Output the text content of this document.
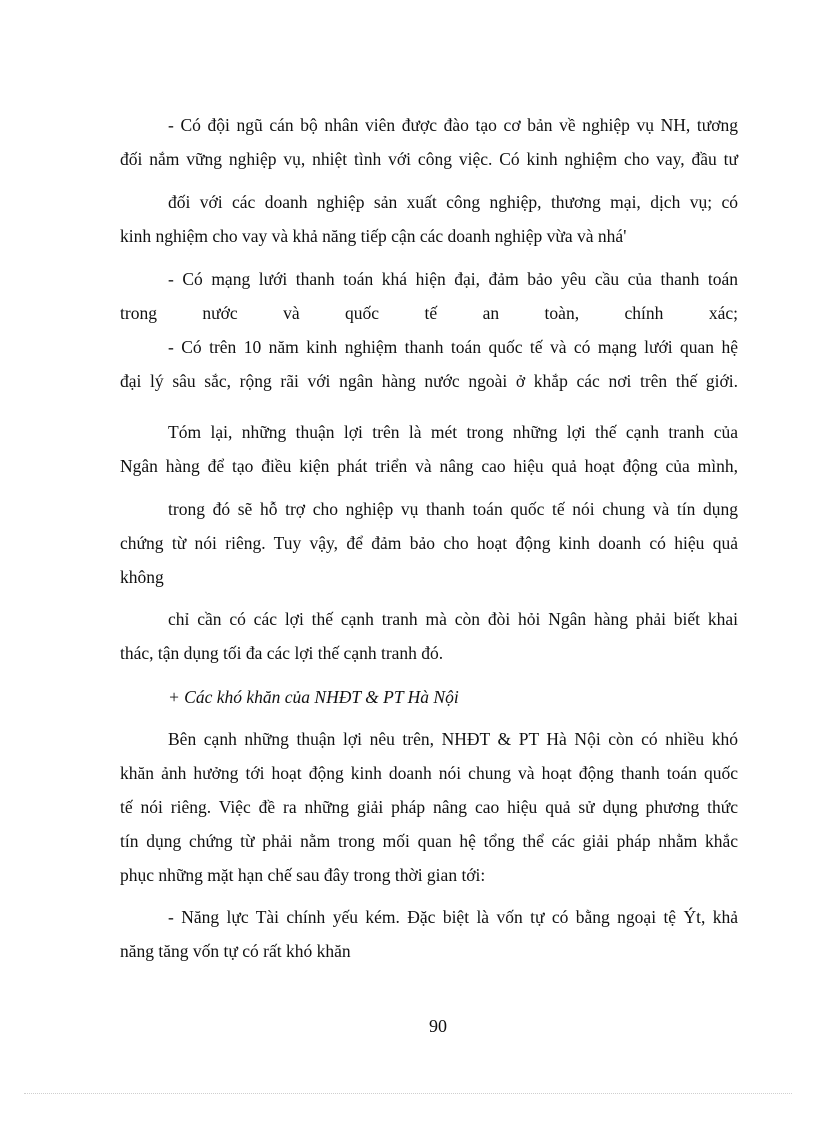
- Có đội ngũ cán bộ nhân viên được đào tạo cơ bản về nghiệp vụ NH, tương
đối nắm vững nghiệp vụ, nhiệt tình với công việc. Có kinh nghiệm cho vay, đầu tư
đối với các doanh nghiệp sản xuất công nghiệp, thương mại, dịch vụ; có
kinh nghiệm cho vay và khả năng tiếp cận các doanh nghiệp vừa và nhá'
- Có mạng lưới thanh toán khá hiện đại, đảm bảo yêu cầu của thanh toán
trong nước và quốc tế an toàn, chính xác;
- Có trên 10 năm kinh nghiệm thanh toán quốc tế và có mạng lưới quan hệ
đại lý sâu sắc, rộng rãi với ngân hàng nước ngoài ở khắp các nơi trên thế giới.
Tóm lại, những thuận lợi trên là mét trong những lợi thế cạnh tranh của
Ngân hàng để tạo điều kiện phát triển và nâng cao hiệu quả hoạt động của mình,
trong đó sẽ hỗ trợ cho nghiệp vụ thanh toán quốc tế nói chung và tín dụng
chứng từ nói riêng. Tuy vậy, để đảm bảo cho hoạt động kinh doanh có hiệu quả
không
chỉ cần có các lợi thế cạnh tranh mà còn đòi hỏi Ngân hàng phải biết khai
thác, tận dụng tối đa các lợi thế cạnh tranh đó.
+ Các khó khăn của NHĐT & PT Hà Nội
Bên cạnh những thuận lợi nêu trên, NHĐT & PT Hà Nội còn có nhiều khó
khăn ảnh hưởng tới hoạt động kinh doanh nói chung và hoạt động thanh toán quốc
tế nói riêng. Việc đề ra những giải pháp nâng cao hiệu quả sử dụng phương thức
tín dụng chứng từ phải nằm trong mối quan hệ tổng thể các giải pháp nhằm khắc
phục những mặt hạn chế sau đây trong thời gian tới:
- Năng lực Tài chính yếu kém. Đặc biệt là vốn tự có bằng ngoại tệ Ýt, khả
năng tăng vốn tự có rất khó khăn
90
